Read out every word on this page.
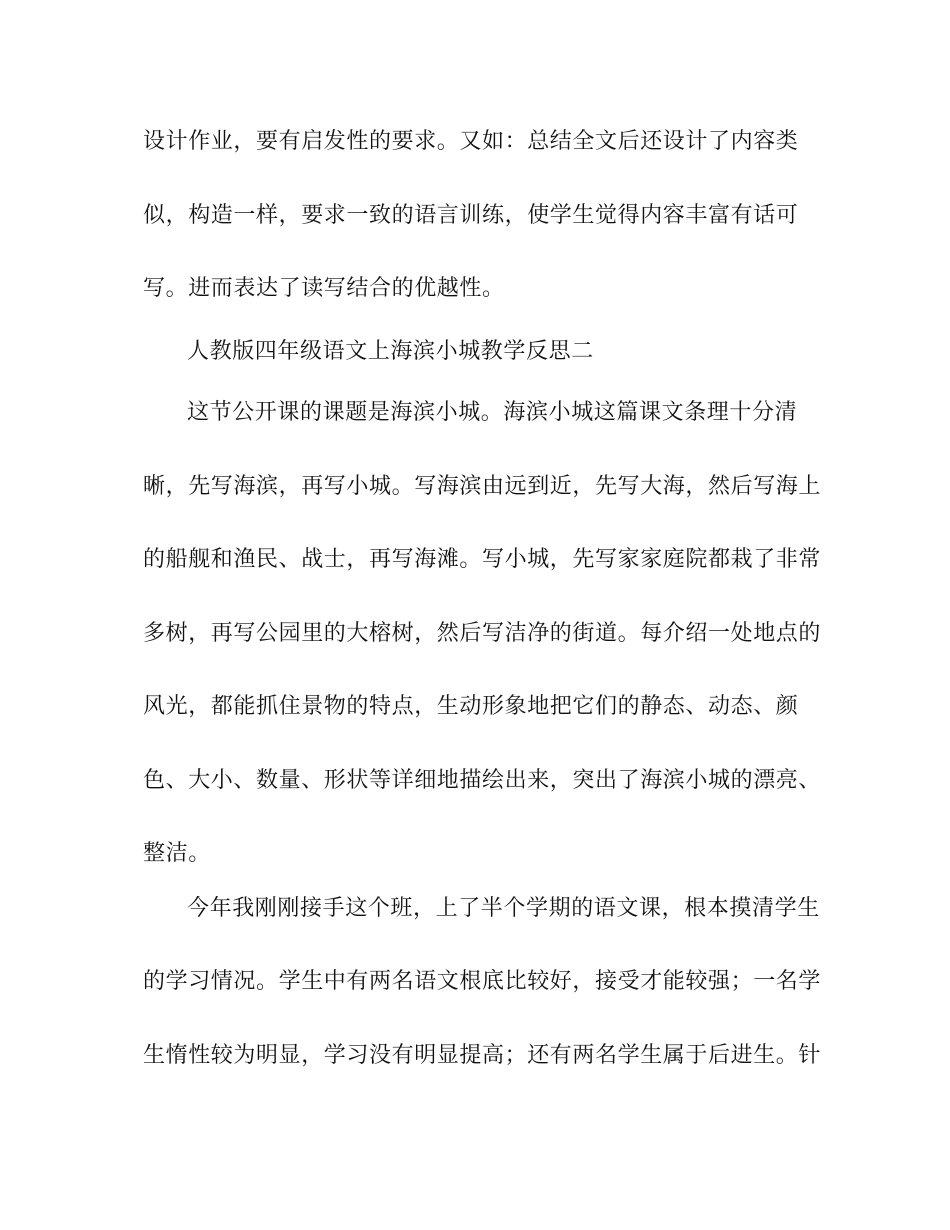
设计作业，要有启发性的要求。又如：总结全文后还设计了内容类
似，构造一样，要求一致的语言训练，使学生觉得内容丰富有话可
写。进而表达了读写结合的优越性。
人教版四年级语文上海滨小城教学反思二
这节公开课的课题是海滨小城。海滨小城这篇课文条理十分清
晰，先写海滨，再写小城。写海滨由远到近，先写大海，然后写海上
的船舰和渔民、战士，再写海滩。写小城，先写家家庭院都栽了非常
多树，再写公园里的大榕树，然后写洁净的街道。每介绍一处地点的
风光，都能抓住景物的特点，生动形象地把它们的静态、动态、颜
色、大小、数量、形状等详细地描绘出来，突出了海滨小城的漂亮、
整洁。
今年我刚刚接手这个班，上了半个学期的语文课，根本摸清学生
的学习情况。学生中有两名语文根底比较好，接受才能较强；一名学
生惰性较为明显，学习没有明显提高；还有两名学生属于后进生。针
